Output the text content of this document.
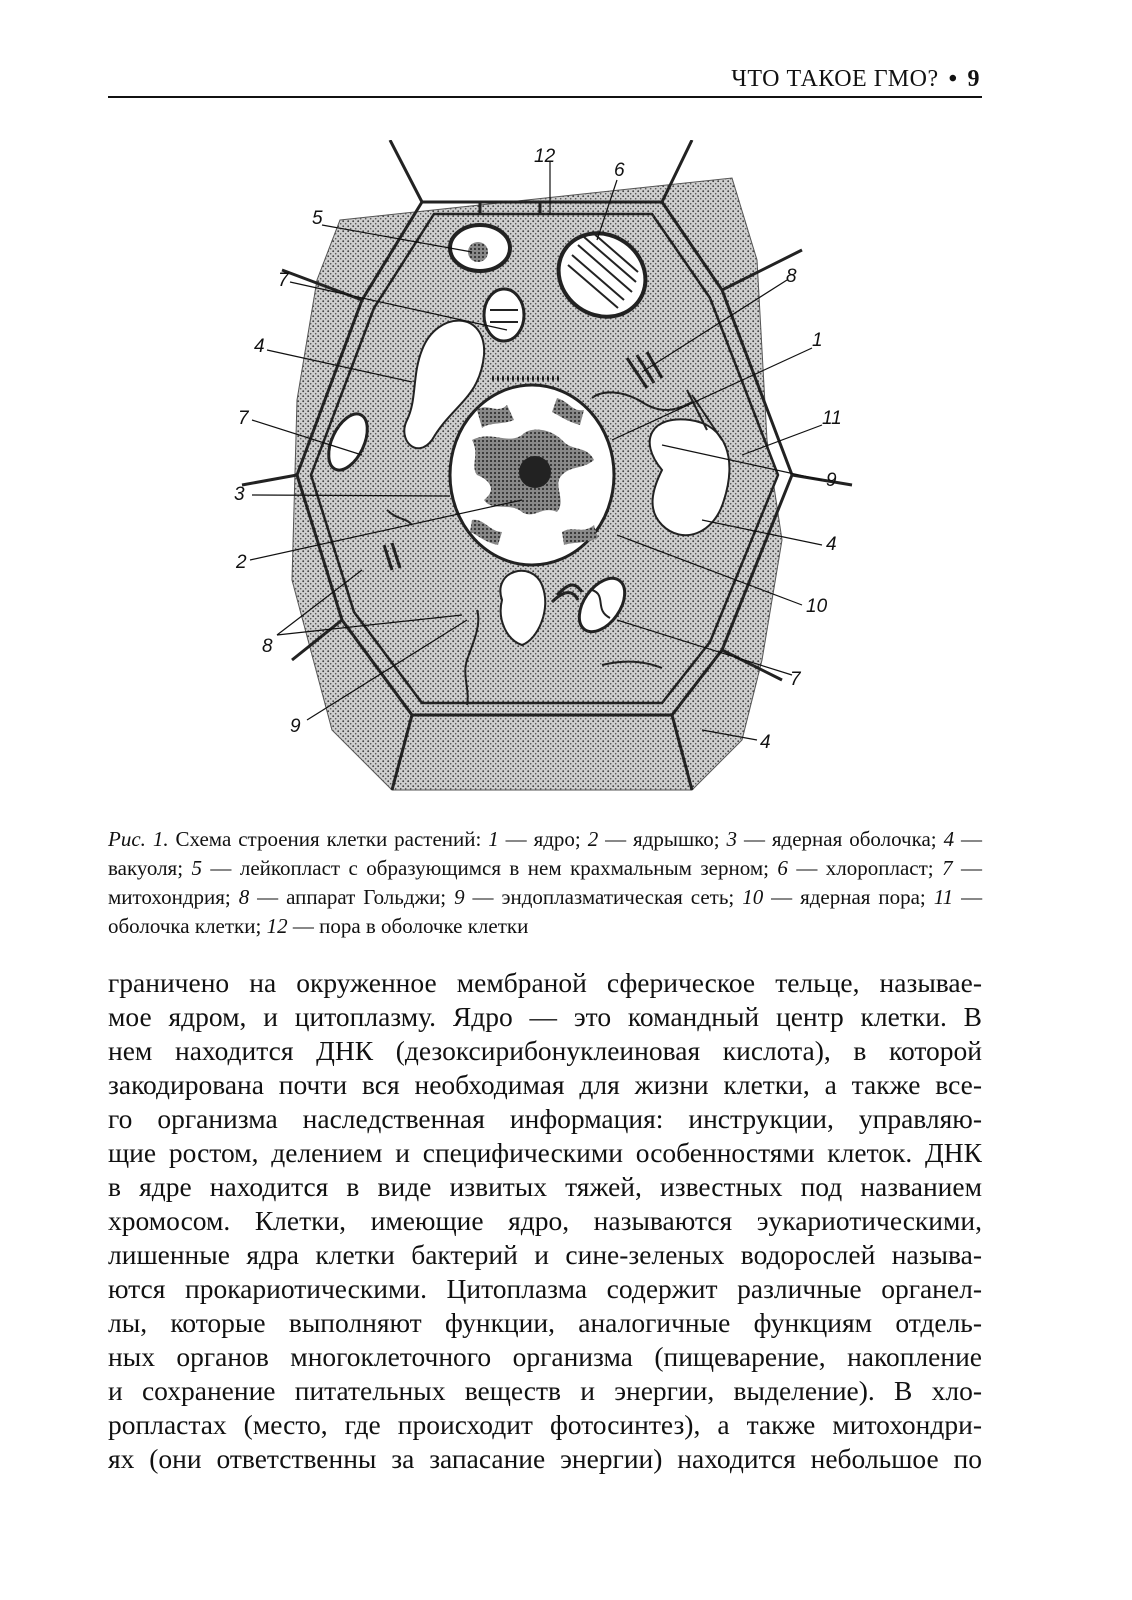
ЧТО ТАКОЕ ГМО? • 9
12
6
5
8
7
1
4
11
7
9
3
4
2
10
8
7
9
4
Рис. 1. Схема строения клетки растений: 1 — ядро; 2 — ядрышко; 3 — ядерная оболочка; 4 — вакуоля; 5 — лейкопласт с образующимся в нем крахмальным зерном; 6 — хлоропласт; 7 — митохондрия; 8 — аппарат Гольджи; 9 — эндоплазматическая сеть; 10 — ядерная пора; 11 — оболочка клетки; 12 — пора в оболочке клетки
граничено на окруженное мембраной сферическое тельце, называе-
мое ядром, и цитоплазму. Ядро — это командный центр клетки. В
нем находится ДНК (дезоксирибонуклеиновая кислота), в которой
закодирована почти вся необходимая для жизни клетки, а также все-
го организма наследственная информация: инструкции, управляю-
щие ростом, делением и специфическими особенностями клеток. ДНК
в ядре находится в виде извитых тяжей, известных под названием
хромосом. Клетки, имеющие ядро, называются эукариотическими,
лишенные ядра клетки бактерий и сине-зеленых водорослей называ-
ются прокариотическими. Цитоплазма содержит различные органел-
лы, которые выполняют функции, аналогичные функциям отдель-
ных органов многоклеточного организма (пищеварение, накопление
и сохранение питательных веществ и энергии, выделение). В хло-
ропластах (место, где происходит фотосинтез), а также митохондри-
ях (они ответственны за запасание энергии) находится небольшое по
